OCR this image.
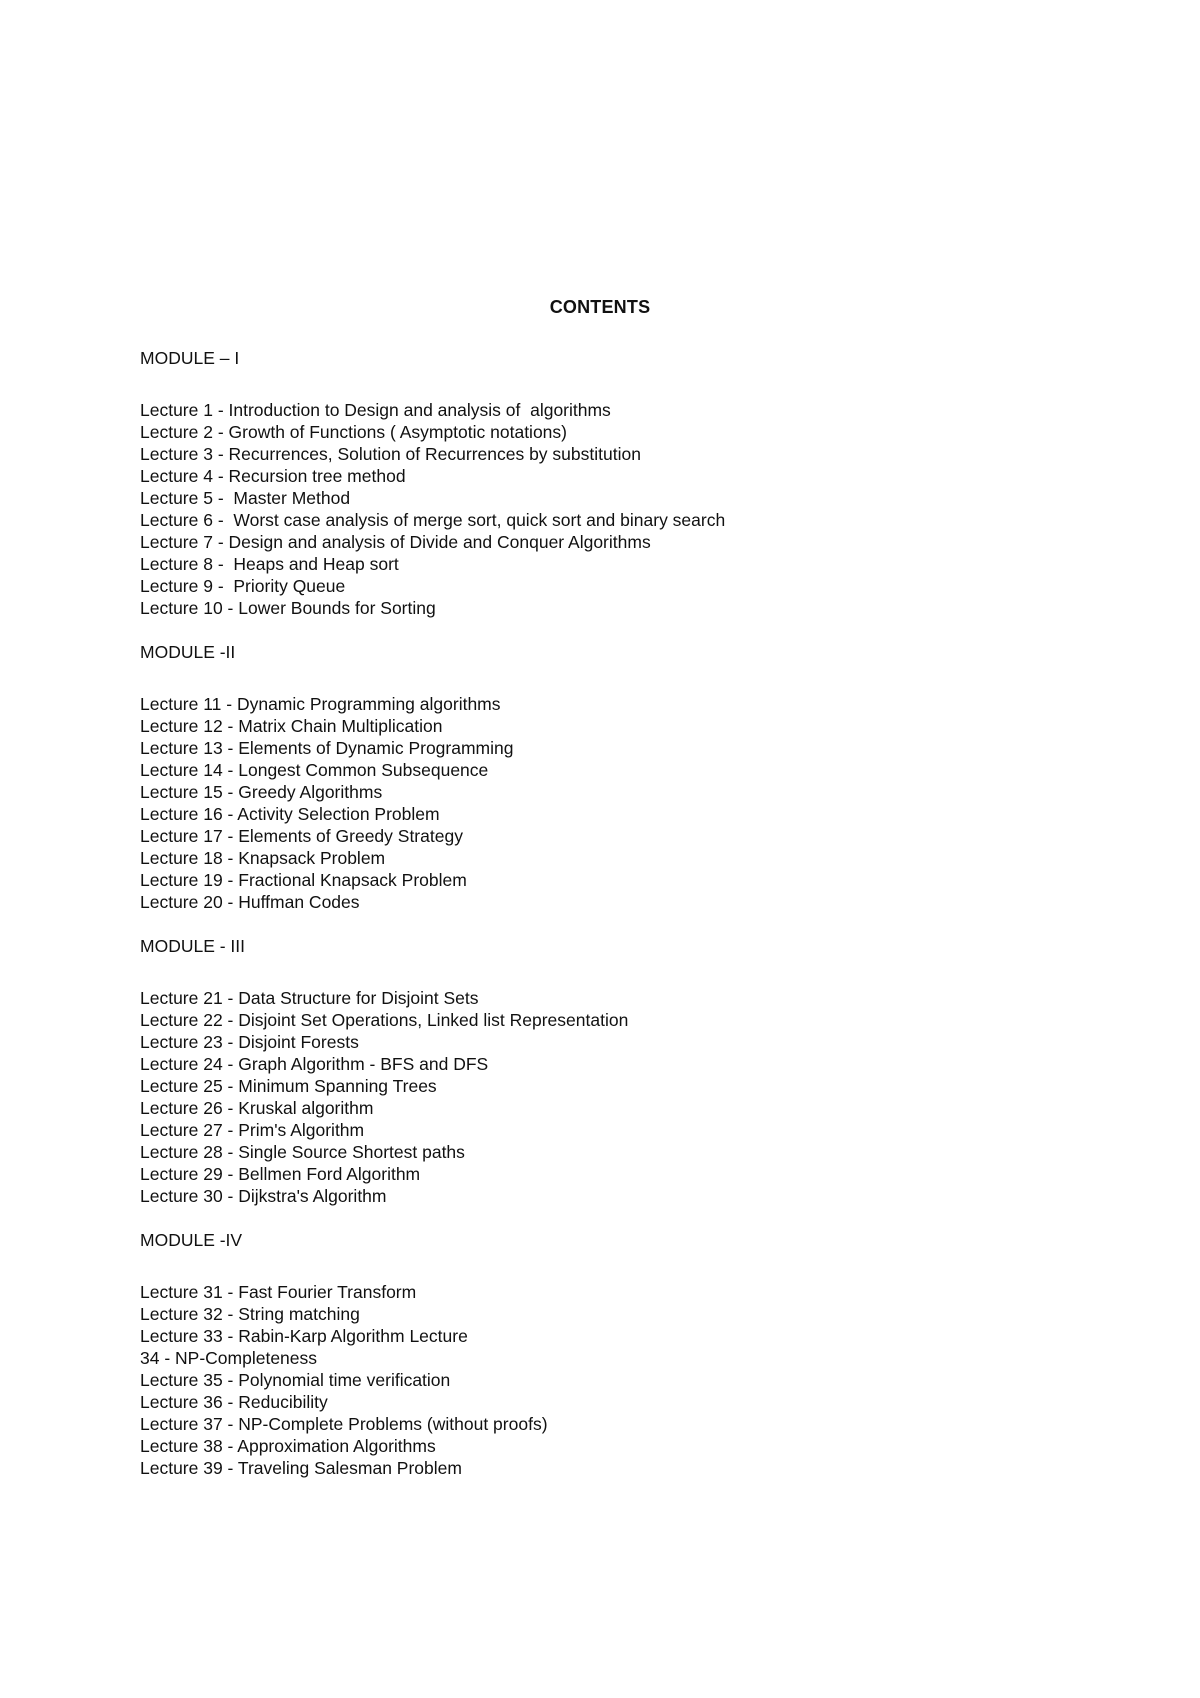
CONTENTS
MODULE – I
Lecture 1 - Introduction to Design and analysis of  algorithms
Lecture 2 - Growth of Functions ( Asymptotic notations)
Lecture 3 - Recurrences, Solution of Recurrences by substitution
Lecture 4 - Recursion tree method
Lecture 5 -  Master Method
Lecture 6 -  Worst case analysis of merge sort, quick sort and binary search
Lecture 7 - Design and analysis of Divide and Conquer Algorithms
Lecture 8 -  Heaps and Heap sort
Lecture 9 -  Priority Queue
Lecture 10 - Lower Bounds for Sorting
MODULE -II
Lecture 11 - Dynamic Programming algorithms
Lecture 12 - Matrix Chain Multiplication
Lecture 13 - Elements of Dynamic Programming
Lecture 14 - Longest Common Subsequence
Lecture 15 - Greedy Algorithms
Lecture 16 - Activity Selection Problem
Lecture 17 - Elements of Greedy Strategy
Lecture 18 - Knapsack Problem
Lecture 19 - Fractional Knapsack Problem
Lecture 20 - Huffman Codes
MODULE - III
Lecture 21 - Data Structure for Disjoint Sets
Lecture 22 - Disjoint Set Operations, Linked list Representation
Lecture 23 - Disjoint Forests
Lecture 24 - Graph Algorithm - BFS and DFS
Lecture 25 - Minimum Spanning Trees
Lecture 26 - Kruskal algorithm
Lecture 27 - Prim's Algorithm
Lecture 28 - Single Source Shortest paths
Lecture 29 - Bellmen Ford Algorithm
Lecture 30 - Dijkstra's Algorithm
MODULE -IV
Lecture 31 - Fast Fourier Transform
Lecture 32 - String matching
Lecture 33 - Rabin-Karp Algorithm Lecture
34 - NP-Completeness
Lecture 35 - Polynomial time verification
Lecture 36 - Reducibility
Lecture 37 - NP-Complete Problems (without proofs)
Lecture 38 - Approximation Algorithms
Lecture 39 - Traveling Salesman Problem
